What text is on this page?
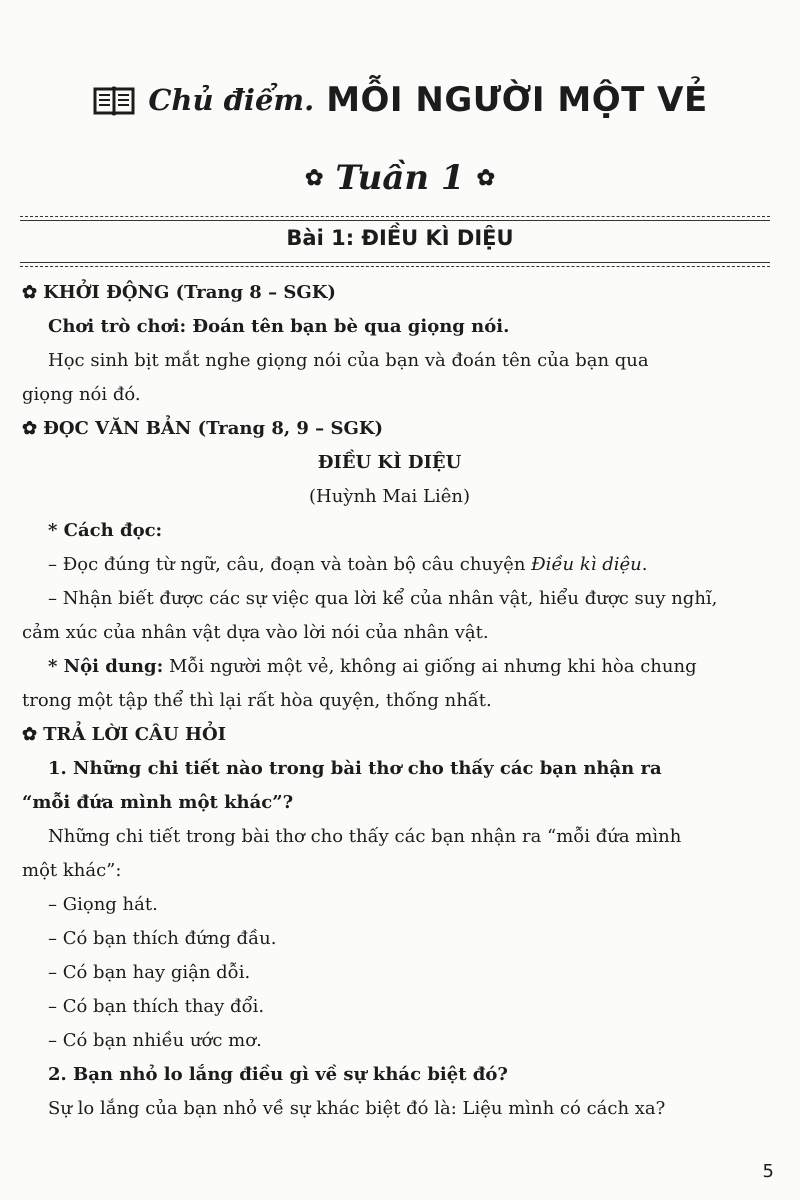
Chủ điểm. MỖI NGƯỜI MỘT VẺ
✿ Tuần 1 ✿
Bài 1: ĐIỀU KÌ DIỆU

✿ KHỞI ĐỘNG (Trang 8 – SGK)

Chơi trò chơi: Đoán tên bạn bè qua giọng nói.

Học sinh bịt mắt nghe giọng nói của bạn và đoán tên của bạn qua

giọng nói đó.

✿ ĐỌC VĂN BẢN (Trang 8, 9 – SGK)

ĐIỀU KÌ DIỆU

(Huỳnh Mai Liên)

* Cách đọc:

– Đọc đúng từ ngữ, câu, đoạn và toàn bộ câu chuyện Điều kì diệu.

– Nhận biết được các sự việc qua lời kể của nhân vật, hiểu được suy nghĩ,

cảm xúc của nhân vật dựa vào lời nói của nhân vật.

* Nội dung: Mỗi người một vẻ, không ai giống ai nhưng khi hòa chung

trong một tập thể thì lại rất hòa quyện, thống nhất.

✿ TRẢ LỜI CÂU HỎI

1. Những chi tiết nào trong bài thơ cho thấy các bạn nhận ra

“mỗi đứa mình một khác”?

Những chi tiết trong bài thơ cho thấy các bạn nhận ra “mỗi đứa mình

một khác”:

– Giọng hát.

– Có bạn thích đứng đầu.

– Có bạn hay giận dỗi.

– Có bạn thích thay đổi.

– Có bạn nhiều ước mơ.

2. Bạn nhỏ lo lắng điều gì về sự khác biệt đó?

Sự lo lắng của bạn nhỏ về sự khác biệt đó là: Liệu mình có cách xa?

5
